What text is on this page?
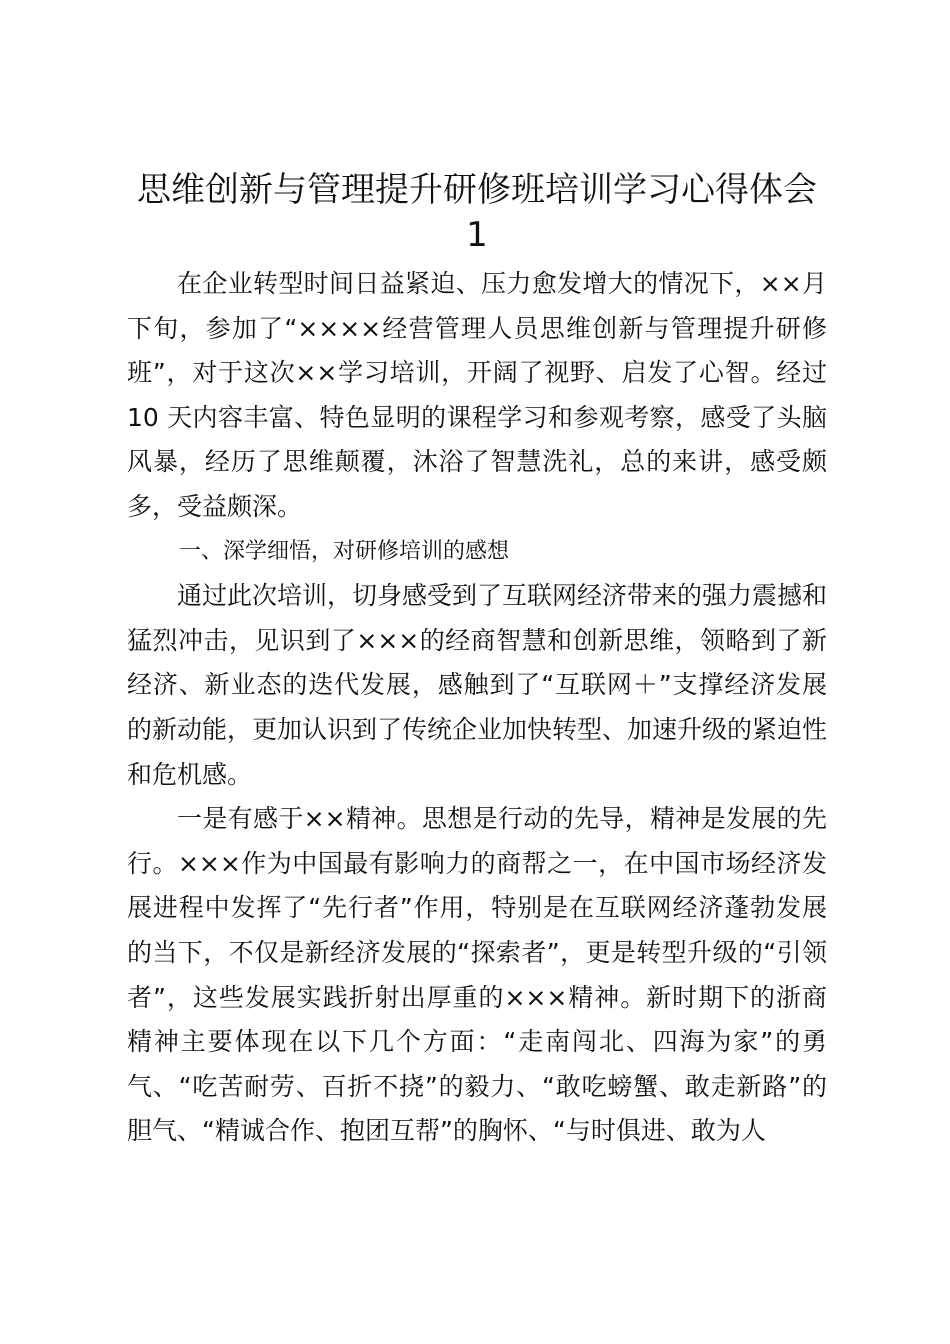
思维创新与管理提升研修班培训学习心得体会
1

在企业转型时间日益紧迫、压力愈发增大的情况下，××月下旬，参加了“××××经营管理人员思维创新与管理提升研修班”，对于这次××学习培训，开阔了视野、启发了心智。经过 10 天内容丰富、特色显明的课程学习和参观考察，感受了头脑风暴，经历了思维颠覆，沐浴了智慧洗礼，总的来讲，感受颇多，受益颇深。

一、深学细悟，对研修培训的感想

通过此次培训，切身感受到了互联网经济带来的强力震撼和猛烈冲击，见识到了×××的经商智慧和创新思维，领略到了新经济、新业态的迭代发展，感触到了“互联网＋”支撑经济发展的新动能，更加认识到了传统企业加快转型、加速升级的紧迫性和危机感。

一是有感于××精神。思想是行动的先导，精神是发展的先行。×××作为中国最有影响力的商帮之一，在中国市场经济发展进程中发挥了“先行者”作用，特别是在互联网经济蓬勃发展的当下，不仅是新经济发展的“探索者”，更是转型升级的“引领者”，这些发展实践折射出厚重的×××精神。新时期下的浙商精神主要体现在以下几个方面：“走南闯北、四海为家”的勇气、“吃苦耐劳、百折不挠”的毅力、“敢吃螃蟹、敢走新路”的胆气、“精诚合作、抱团互帮”的胸怀、“与时俱进、敢为人
